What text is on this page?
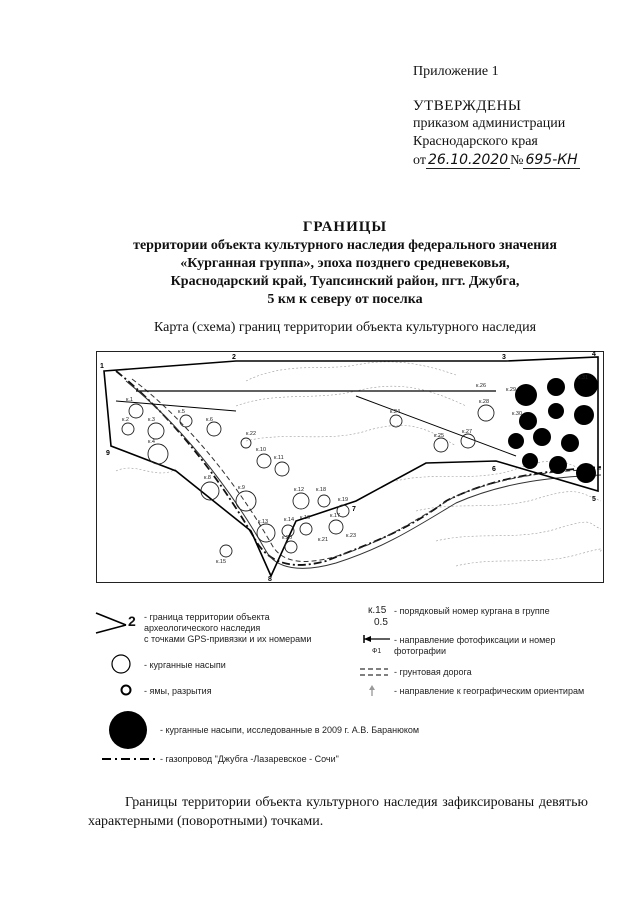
Приложение 1
УТВЕРЖДЕНЫ
приказом администрации
Краснодарского края
от 26.10.2020 № 695-КН
ГРАНИЦЫ
территории объекта культурного наследия федерального значения
«Курганная группа», эпоха позднего средневековья,
Краснодарский край, Туапсинский район, пгт. Джубга,
5 км к северу от поселка
Карта (схема) границ территории объекта культурного наследия
к.1
к.2	к.3
к.4
к.5
к.6
к.8
к.9
к.10
к.11
к.12
к.13	к.14
к.15
к.16	к.17
к.18
к.19
к.20	к.21
к.22
к.23
к.24
к.25
к.26
к.27
к.28
к.29
к.30
к.31
1
2	3	4
5
6
7
8
9
2 - граница территории объекта
археологического наследия
с точками GPS-привязки и их номерами
- курганные насыпи
- ямы, разрытия
- курганные насыпи, исследованные в 2009 г. А.В. Баранюком
- газопровод "Джубга -Лазаревское - Сочи"
к.15
0.5
- порядковый номер кургана в группе
Ф1
- направление фотофиксации и номер
фотографии
- грунтовая дорога
- направление к географическим ориентирам
Границы территории объекта культурного наследия зафиксированы девятью характерными (поворотными) точками.
